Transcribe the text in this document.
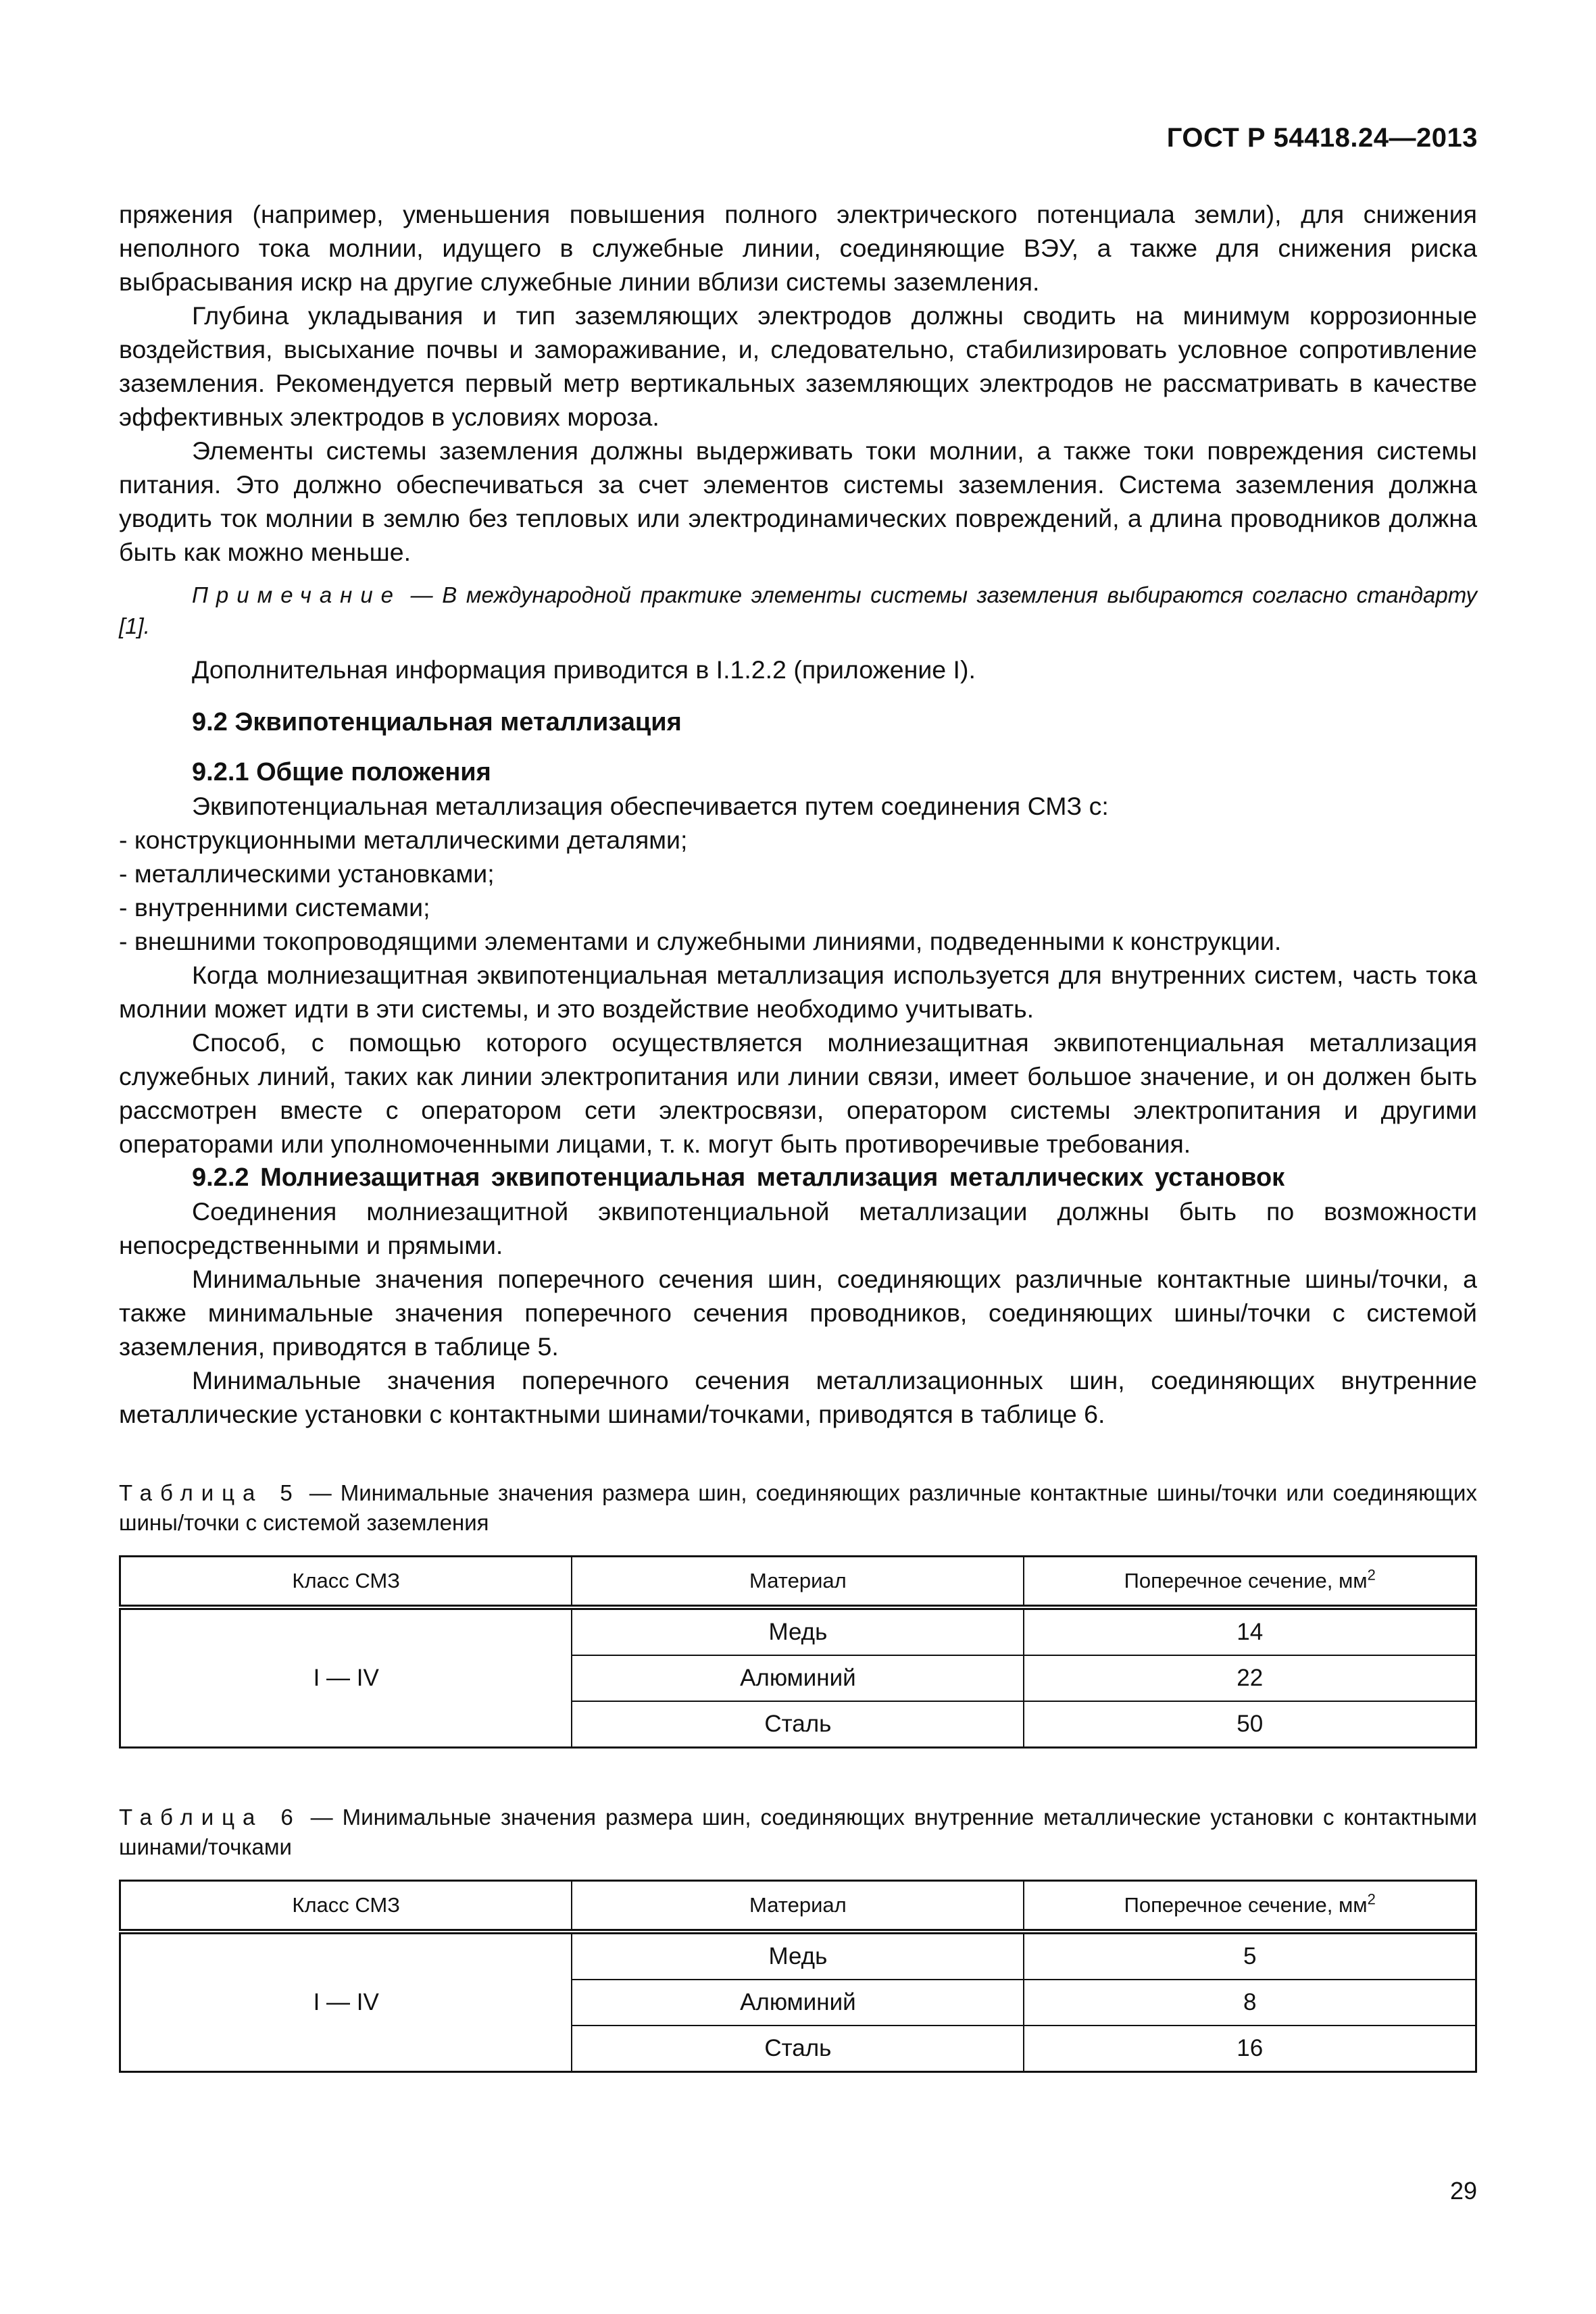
ГОСТ Р 54418.24—2013

пряжения (например, уменьшения повышения полного электрического потенциала земли), для снижения неполного тока молнии, идущего в служебные линии, соединяющие ВЭУ, а также для снижения риска выбрасывания искр на другие служебные линии вблизи системы заземления.

Глубина укладывания и тип заземляющих электродов должны сводить на минимум коррозионные воздействия, высыхание почвы и замораживание, и, следовательно, стабилизировать условное сопротивление заземления. Рекомендуется первый метр вертикальных заземляющих электродов не рассматривать в качестве эффективных электродов в условиях мороза.

Элементы системы заземления должны выдерживать токи молнии, а также токи повреждения системы питания. Это должно обеспечиваться за счет элементов системы заземления. Система заземления должна уводить ток молнии в землю без тепловых или электродинамических повреждений, а длина проводников должна быть как можно меньше.

Примечание — В международной практике элементы системы заземления выбираются согласно стандарту [1].

Дополнительная информация приводится в I.1.2.2 (приложение I).

9.2 Эквипотенциальная металлизация

9.2.1 Общие положения

Эквипотенциальная металлизация обеспечивается путем соединения СМЗ с:

- конструкционными металлическими деталями;

- металлическими установками;

- внутренними системами;

- внешними токопроводящими элементами и служебными линиями, подведенными к конструкции.

Когда молниезащитная эквипотенциальная металлизация используется для внутренних систем, часть тока молнии может идти в эти системы, и это воздействие необходимо учитывать.

Способ, с помощью которого осуществляется молниезащитная эквипотенциальная металлизация служебных линий, таких как линии электропитания или линии связи, имеет большое значение, и он должен быть рассмотрен вместе с оператором сети электросвязи, оператором системы электропитания и другими операторами или уполномоченными лицами, т. к. могут быть противоречивые требования.

9.2.2 Молниезащитная эквипотенциальная металлизация металлических установок

Соединения молниезащитной эквипотенциальной металлизации должны быть по возможности непосредственными и прямыми.

Минимальные значения поперечного сечения шин, соединяющих различные контактные шины/точки, а также минимальные значения поперечного сечения проводников, соединяющих шины/точки с системой заземления, приводятся в таблице 5.

Минимальные значения поперечного сечения металлизационных шин, соединяющих внутренние металлические установки с контактными шинами/точками, приводятся в таблице 6.

Таблица 5 — Минимальные значения размера шин, соединяющих различные контактные шины/точки или соединяющих шины/точки с системой заземления

Класс СМЗ	Материал	Поперечное сечение, $мм^2$
I — IV	Медь	14
	Алюминий	22
	Сталь	50

Таблица 6 — Минимальные значения размера шин, соединяющих внутренние металлические установки с контактными шинами/точками

Класс СМЗ	Материал	Поперечное сечение, $мм^2$
I — IV	Медь	5
	Алюминий	8
	Сталь	16
29
